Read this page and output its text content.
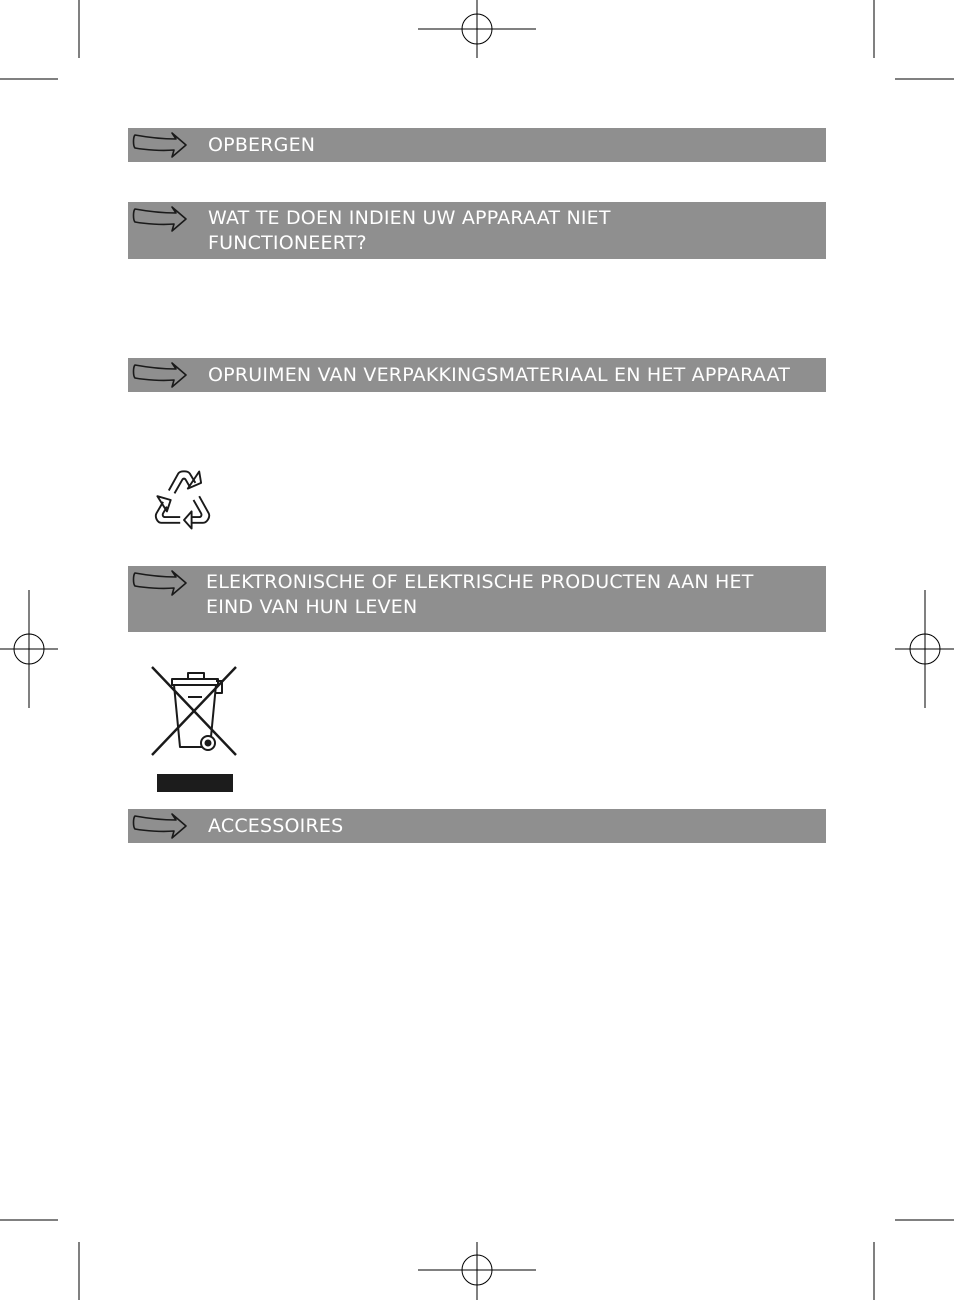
OPBERGEN
WAT TE DOEN INDIEN UW APPARAAT NIET
FUNCTIONEERT?
OPRUIMEN VAN VERPAKKINGSMATERIAAL EN HET APPARAAT
ELEKTRONISCHE OF ELEKTRISCHE PRODUCTEN AAN HET
EIND VAN HUN LEVEN
ACCESSOIRES
